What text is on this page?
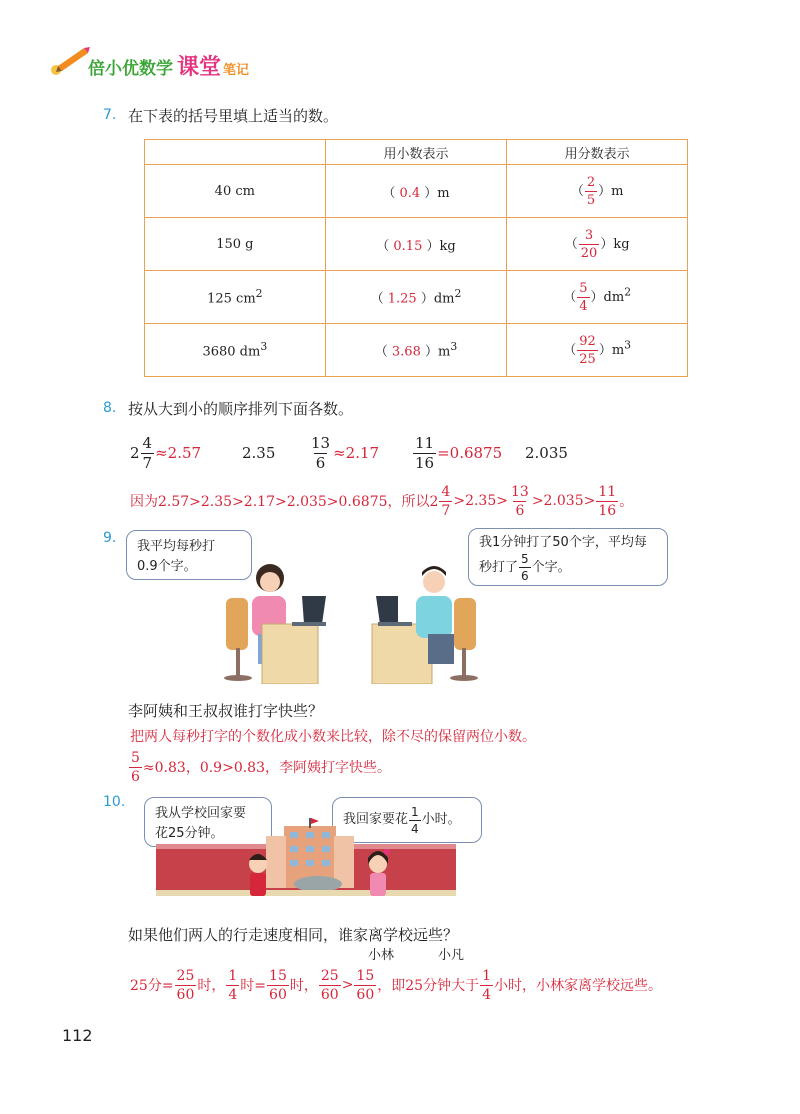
倍小优数学 课堂 笔记
7. 在下表的括号里填上适当的数。
	用小数表示	用分数表示
40 cm	（ 0.4 ）m	（ $\frac{2}{5} )m$
150 g	（ 0.15 ）kg	（ $\frac{3}{20} )kg$
125 $cm^2$	（ 1.25 ）$dm^2$	（ $\frac{5}{4} )dm^2$
3680 $dm^3$	（ 3.68 ）$m^3$	（ $\frac{92}{25} )m^3$
8. 按从大到小的顺序排列下面各数。
$2 \frac{4}{7} \approx 2.57$	$2.35 \frac{13}{6} \approx 2.17 \frac{11}{16} =0.6875$ 2.035
因为2.57>2.35>2.17>2.035>0.6875，所以$2 \frac{4}{7} >2.35> \frac{13}{6} >2.035> \frac{11}{16}$ 。
9.
我平均每秒打
0.9个字。
我1分钟打了50个字，平均每
秒打了 $\frac{5}{6}$ 个字。
李阿姨和王叔叔谁打字快些？
把两人每秒打字的个数化成小数来比较，除不尽的保留两位小数。
$\frac{5}{6} \approx 0.83$，0.9>0.83，李阿姨打字快些。
10.
我从学校回家要
花25分钟。
我回家要花 $\frac{1}{4}$ 小时。
如果他们两人的行走速度相同，谁家离学校远些？
小林	小凡
25分= $\frac{25}{60}$ 时， $\frac{1}{4}$ 时= $\frac{15}{60}$ 时， $\frac{25}{60} > \frac{15}{60}$ ，即25分钟大于 $\frac{1}{4}$ 小时，小林家离学校远些。
112
